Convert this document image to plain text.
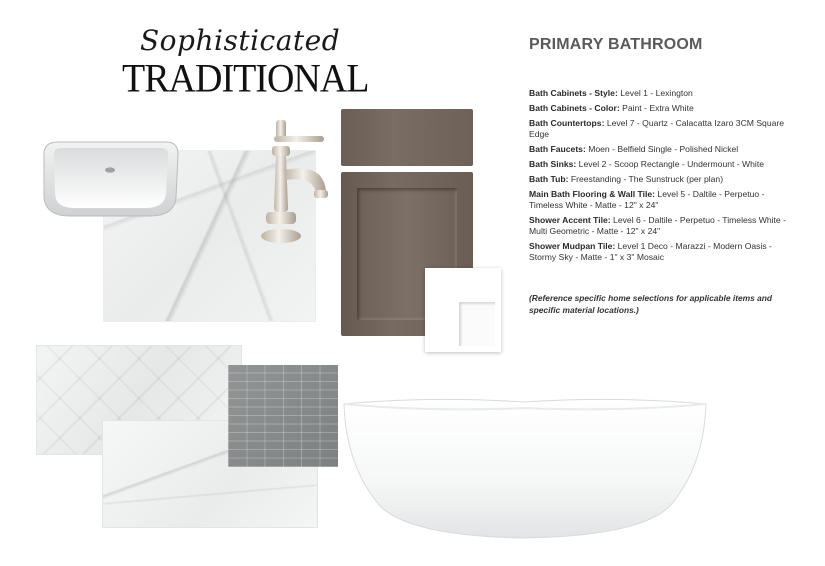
Sophisticated
TRADITIONAL
PRIMARY BATHROOM
Bath Cabinets - Style: Level 1 - Lexington
Bath Cabinets - Color: Paint - Extra White
Bath Countertops: Level 7 - Quartz - Calacatta Izaro 3CM Square Edge
Bath Faucets: Moen - Belfield Single - Polished Nickel
Bath Sinks: Level 2 - Scoop Rectangle - Undermount - White
Bath Tub: Freestanding - The Sunstruck (per plan)
Main Bath Flooring & Wall Tile: Level 5 - Daltile - Perpetuo - Timeless White - Matte - 12" x 24"
Shower Accent Tile: Level 6 - Daltile - Perpetuo - Timeless White - Multi Geometric - Matte - 12" x 24"
Shower Mudpan Tile: Level 1 Deco - Marazzi - Modern Oasis - Stormy Sky - Matte - 1" x 3" Mosaic
(Reference specific home selections for applicable items and specific material locations.)
